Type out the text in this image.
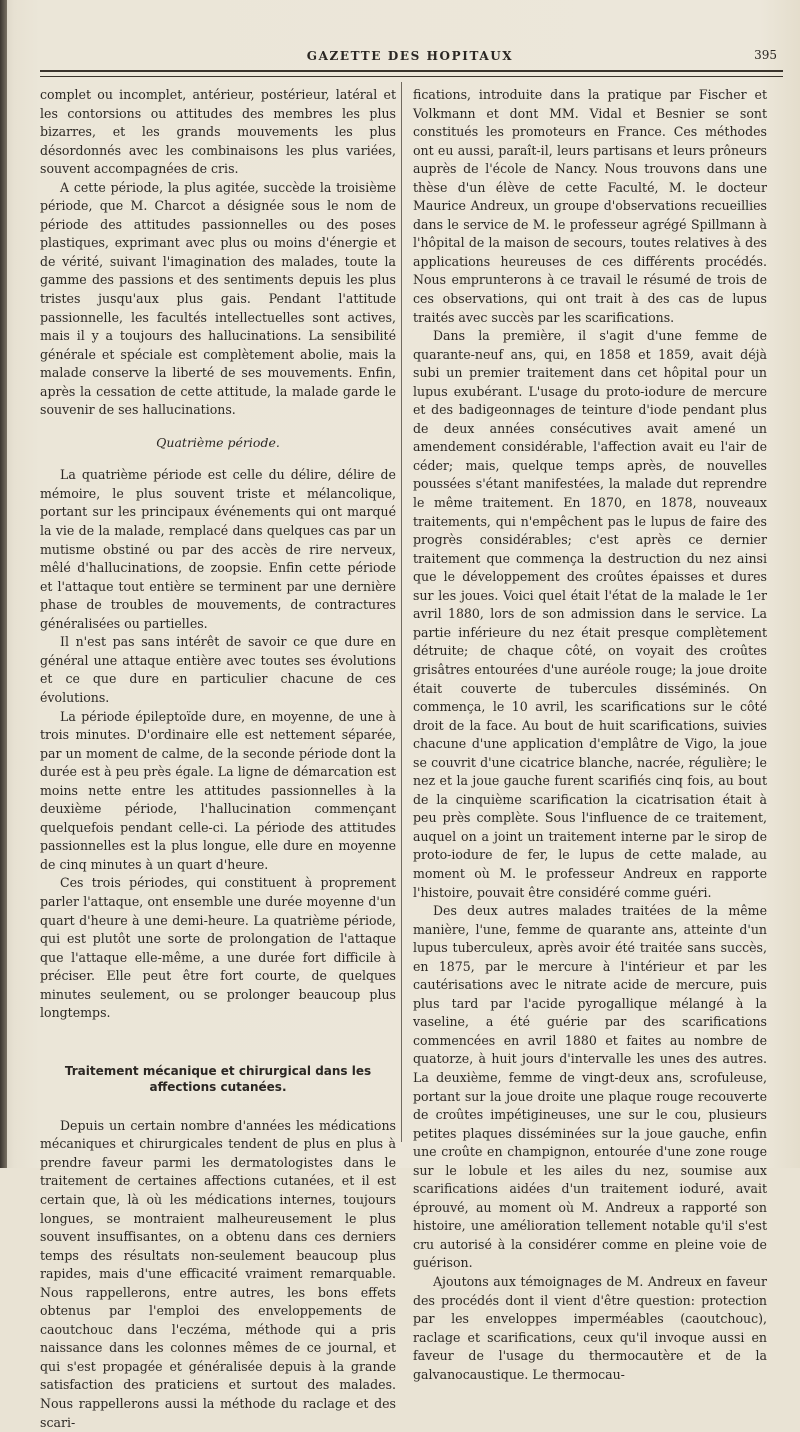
GAZETTE DES HOPITAUX	395

complet ou incomplet, antérieur, postérieur, latéral et les contorsions ou attitudes des membres les plus bizarres, et les grands mouvements les plus désordonnés avec les combinaisons les plus variées, souvent accompagnées de cris.

A cette période, la plus agitée, succède la troisième période, que M. Charcot a désignée sous le nom de période des attitudes passionnelles ou des poses plastiques, exprimant avec plus ou moins d'énergie et de vérité, suivant l'imagination des malades, toute la gamme des passions et des sentiments depuis les plus tristes jusqu'aux plus gais. Pendant l'attitude passionnelle, les facultés intellectuelles sont actives, mais il y a toujours des hallucinations. La sensibilité générale et spéciale est complètement abolie, mais la malade conserve la liberté de ses mouvements. Enfin, après la cessation de cette attitude, la malade garde le souvenir de ses hallucinations.

Quatrième période.

La quatrième période est celle du délire, délire de mémoire, le plus souvent triste et mélancolique, portant sur les principaux événements qui ont marqué la vie de la malade, remplacé dans quelques cas par un mutisme obstiné ou par des accès de rire nerveux, mêlé d'hallucinations, de zoopsie. Enfin cette période et l'attaque tout entière se terminent par une dernière phase de troubles de mouvements, de contractures généralisées ou partielles.

Il n'est pas sans intérêt de savoir ce que dure en général une attaque entière avec toutes ses évolutions et ce que dure en particulier chacune de ces évolutions.

La période épileptoïde dure, en moyenne, de une à trois minutes. D'ordinaire elle est nettement séparée, par un moment de calme, de la seconde période dont la durée est à peu près égale. La ligne de démarcation est moins nette entre les attitudes passionnelles à la deuxième période, l'hallucination commençant quelquefois pendant celle-ci. La période des attitudes passionnelles est la plus longue, elle dure en moyenne de cinq minutes à un quart d'heure.

Ces trois périodes, qui constituent à proprement parler l'attaque, ont ensemble une durée moyenne d'un quart d'heure à une demi-heure. La quatrième période, qui est plutôt une sorte de prolongation de l'attaque que l'attaque elle-même, a une durée fort difficile à préciser. Elle peut être fort courte, de quelques minutes seulement, ou se prolonger beaucoup plus longtemps.

Traitement mécanique et chirurgical dans les affections cutanées.

Depuis un certain nombre d'années les médications mécaniques et chirurgicales tendent de plus en plus à prendre faveur parmi les dermatologistes dans le traitement de certaines affections cutanées, et il est certain que, là où les médications internes, toujours longues, se montraient malheureusement le plus souvent insuffisantes, on a obtenu dans ces derniers temps des résultats non-seulement beaucoup plus rapides, mais d'une efficacité vraiment remarquable. Nous rappellerons, entre autres, les bons effets obtenus par l'emploi des enveloppements de caoutchouc dans l'eczéma, méthode qui a pris naissance dans les colonnes mêmes de ce journal, et qui s'est propagée et généralisée depuis à la grande satisfaction des praticiens et surtout des malades. Nous rappellerons aussi la méthode du raclage et des scari-

fications, introduite dans la pratique par Fischer et Volkmann et dont MM. Vidal et Besnier se sont constitués les promoteurs en France. Ces méthodes ont eu aussi, paraît-il, leurs partisans et leurs prôneurs auprès de l'école de Nancy. Nous trouvons dans une thèse d'un élève de cette Faculté, M. le docteur Maurice Andreux, un groupe d'observations recueillies dans le service de M. le professeur agrégé Spillmann à l'hôpital de la maison de secours, toutes relatives à des applications heureuses de ces différents procédés. Nous emprunterons à ce travail le résumé de trois de ces observations, qui ont trait à des cas de lupus traités avec succès par les scarifications.

Dans la première, il s'agit d'une femme de quarante-neuf ans, qui, en 1858 et 1859, avait déjà subi un premier traitement dans cet hôpital pour un lupus exubérant. L'usage du proto-iodure de mercure et des badigeonnages de teinture d'iode pendant plus de deux années consécutives avait amené un amendement considérable, l'affection avait eu l'air de céder; mais, quelque temps après, de nouvelles poussées s'étant manifestées, la malade dut reprendre le même traitement. En 1870, en 1878, nouveaux traitements, qui n'empêchent pas le lupus de faire des progrès considérables; c'est après ce dernier traitement que commença la destruction du nez ainsi que le développement des croûtes épaisses et dures sur les joues. Voici quel était l'état de la malade le 1er avril 1880, lors de son admission dans le service. La partie inférieure du nez était presque complètement détruite; de chaque côté, on voyait des croûtes grisâtres entourées d'une auréole rouge; la joue droite était couverte de tubercules disséminés. On commença, le 10 avril, les scarifications sur le côté droit de la face. Au bout de huit scarifications, suivies chacune d'une application d'emplâtre de Vigo, la joue se couvrit d'une cicatrice blanche, nacrée, régulière; le nez et la joue gauche furent scarifiés cinq fois, au bout de la cinquième scarification la cicatrisation était à peu près complète. Sous l'influence de ce traitement, auquel on a joint un traitement interne par le sirop de proto-iodure de fer, le lupus de cette malade, au moment où M. le professeur Andreux en rapporte l'histoire, pouvait être considéré comme guéri.

Des deux autres malades traitées de la même manière, l'une, femme de quarante ans, atteinte d'un lupus tuberculeux, après avoir été traitée sans succès, en 1875, par le mercure à l'intérieur et par les cautérisations avec le nitrate acide de mercure, puis plus tard par l'acide pyrogallique mélangé à la vaseline, a été guérie par des scarifications commencées en avril 1880 et faites au nombre de quatorze, à huit jours d'intervalle les unes des autres. La deuxième, femme de vingt-deux ans, scrofuleuse, portant sur la joue droite une plaque rouge recouverte de croûtes impétigineuses, une sur le cou, plusieurs petites plaques disséminées sur la joue gauche, enfin une croûte en champignon, entourée d'une zone rouge sur le lobule et les ailes du nez, soumise aux scarifications aidées d'un traitement ioduré, avait éprouvé, au moment où M. Andreux a rapporté son histoire, une amélioration tellement notable qu'il s'est cru autorisé à la considérer comme en pleine voie de guérison.

Ajoutons aux témoignages de M. Andreux en faveur des procédés dont il vient d'être question: protection par les enveloppes imperméables (caoutchouc), raclage et scarifications, ceux qu'il invoque aussi en faveur de l'usage du thermocautère et de la galvanocaustique. Le thermocau-
